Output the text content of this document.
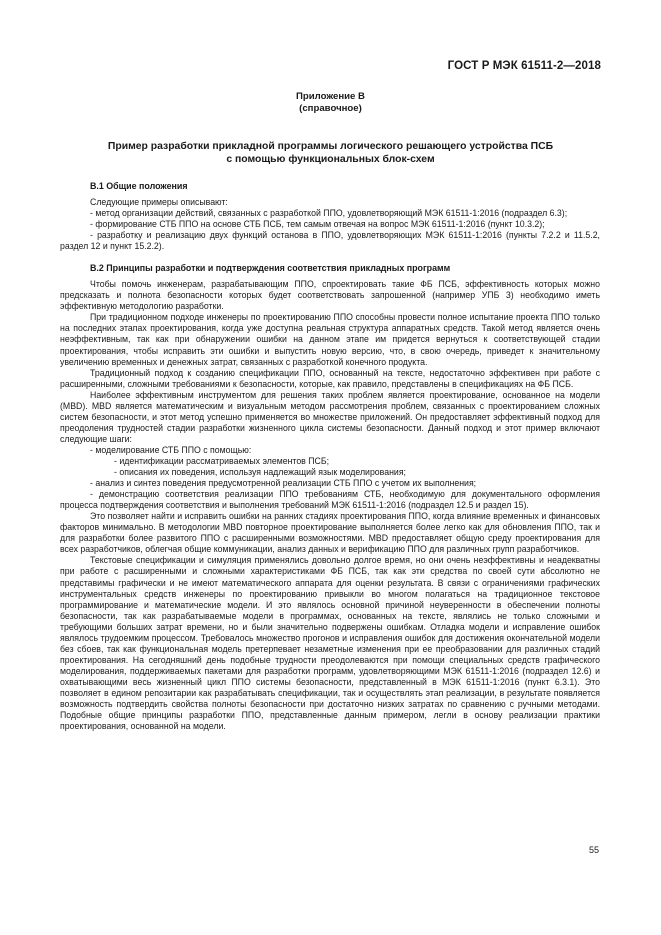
ГОСТ Р МЭК 61511-2—2018
Приложение В
(справочное)
Пример разработки прикладной программы логического решающего устройства ПСБ
с помощью функциональных блок-схем
В.1 Общие положения

Следующие примеры описывают:

- метод организации действий, связанных с разработкой ППО, удовлетворяющий МЭК 61511-1:2016 (подраздел 6.3);

- формирование СТБ ППО на основе СТБ ПСБ, тем самым отвечая на вопрос МЭК 61511-1:2016 (пункт 10.3.2);

- разработку и реализацию двух функций останова в ППО, удовлетворяющих МЭК 61511-1:2016 (пункты 7.2.2 и 11.5.2, раздел 12 и пункт 15.2.2).

В.2 Принципы разработки и подтверждения соответствия прикладных программ

Чтобы помочь инженерам, разрабатывающим ППО, спроектировать такие ФБ ПСБ, эффективность которых можно предсказать и полнота безопасности которых будет соответствовать запрошенной (например УПБ 3) необходимо иметь эффективную методологию разработки.

При традиционном подходе инженеры по проектированию ППО способны провести полное испытание проекта ППО только на последних этапах проектирования, когда уже доступна реальная структура аппаратных средств. Такой метод является очень неэффективным, так как при обнаружении ошибки на данном этапе им придется вернуться к соответствующей стадии проектирования, чтобы исправить эти ошибки и выпустить новую версию, что, в свою очередь, приведет к значительному увеличению временных и денежных затрат, связанных с разработкой конечного продукта.

Традиционный подход к созданию спецификации ППО, основанный на тексте, недостаточно эффективен при работе с расширенными, сложными требованиями к безопасности, которые, как правило, представлены в спецификациях на ФБ ПСБ.

Наиболее эффективным инструментом для решения таких проблем является проектирование, основанное на модели (MBD). MBD является математическим и визуальным методом рассмотрения проблем, связанных с проектированием сложных систем безопасности, и этот метод успешно применяется во множестве приложений. Он предоставляет эффективный подход для преодоления трудностей стадии разработки жизненного цикла системы безопасности. Данный подход и этот пример включают следующие шаги:

- моделирование СТБ ППО с помощью:

- идентификации рассматриваемых элементов ПСБ;

- описания их поведения, используя надлежащий язык моделирования;

- анализ и синтез поведения предусмотренной реализации СТБ ППО с учетом их выполнения;

- демонстрацию соответствия реализации ППО требованиям СТБ, необходимую для документального оформления процесса подтверждения соответствия и выполнения требований МЭК 61511-1:2016 (подраздел 12.5 и раздел 15).

Это позволяет найти и исправить ошибки на ранних стадиях проектирования ППО, когда влияние временных и финансовых факторов минимально. В методологии MBD повторное проектирование выполняется более легко как для обновления ППО, так и для разработки более развитого ППО с расширенными возможностями. MBD предоставляет общую среду проектирования для всех разработчиков, облегчая общие коммуникации, анализ данных и верификацию ППО для различных групп разработчиков.

Текстовые спецификации и симуляция применялись довольно долгое время, но они очень неэффективны и неадекватны при работе с расширенными и сложными характеристиками ФБ ПСБ, так как эти средства по своей сути абсолютно не представимы графически и не имеют математического аппарата для оценки результата. В связи с ограничениями графических инструментальных средств инженеры по проектированию привыкли во многом полагаться на традиционное текстовое программирование и математические модели. И это являлось основной причиной неуверенности в обеспечении полноты безопасности, так как разрабатываемые модели в программах, основанных на тексте, являлись не только сложными и требующими больших затрат времени, но и были значительно подвержены ошибкам. Отладка модели и исправление ошибок являлось трудоемким процессом. Требовалось множество прогонов и исправления ошибок для достижения окончательной модели без сбоев, так как функциональная модель претерпевает незаметные изменения при ее преобразовании для различных стадий проектирования. На сегодняшний день подобные трудности преодолеваются при помощи специальных средств графического моделирования, поддерживаемых пакетами для разработки программ, удовлетворяющими МЭК 61511-1:2016 (подраздел 12.6) и охватывающими весь жизненный цикл ППО системы безопасности, представленный в МЭК 61511-1:2016 (пункт 6.3.1). Это позволяет в едином репозитарии как разрабатывать спецификации, так и осуществлять этап реализации, в результате появляется возможность подтвердить свойства полноты безопасности при достаточно низких затратах по сравнению с ручными методами. Подобные общие принципы разработки ППО, представленные данным примером, легли в основу реализации практики проектирования, основанной на модели.

55
